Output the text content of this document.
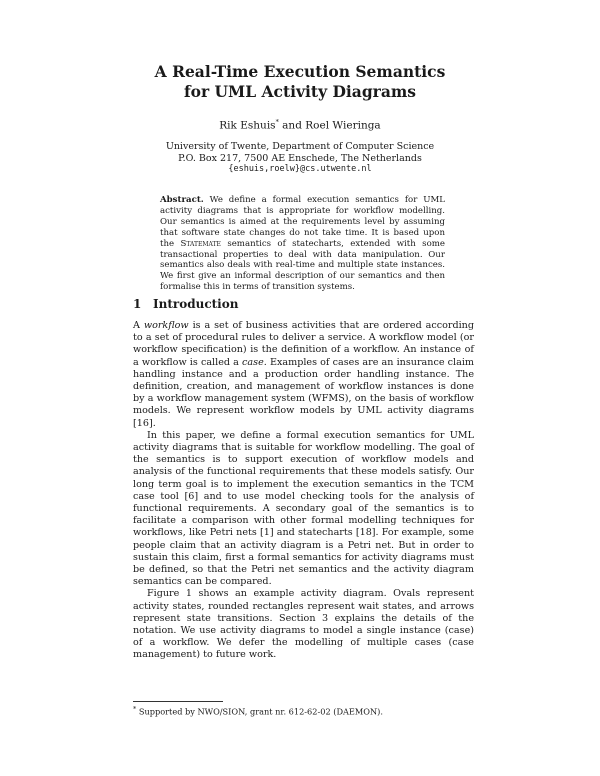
A Real-Time Execution Semantics
for UML Activity Diagrams
Rik Eshuis* and Roel Wieringa
University of Twente, Department of Computer Science
P.O. Box 217, 7500 AE Enschede, The Netherlands
{eshuis,roelw}@cs.utwente.nl
Abstract. We define a formal execution semantics for UML activity diagrams that is appropriate for workflow modelling. Our semantics is aimed at the requirements level by assuming that software state changes do not take time. It is based upon the Statemate semantics of statecharts, extended with some transactional properties to deal with data manipulation. Our semantics also deals with real-time and multiple state instances. We first give an informal description of our semantics and then formalise this in terms of transition systems.
1 Introduction

A workflow is a set of business activities that are ordered according to a set of procedural rules to deliver a service. A workflow model (or workflow specification) is the definition of a workflow. An instance of a workflow is called a case. Examples of cases are an insurance claim handling instance and a production order handling instance. The definition, creation, and management of workflow instances is done by a workflow management system (WFMS), on the basis of workflow models. We represent workflow models by UML activity diagrams [16].

In this paper, we define a formal execution semantics for UML activity diagrams that is suitable for workflow modelling. The goal of the semantics is to support execution of workflow models and analysis of the functional requirements that these models satisfy. Our long term goal is to implement the execution semantics in the TCM case tool [6] and to use model checking tools for the analysis of functional requirements. A secondary goal of the semantics is to facilitate a comparison with other formal modelling techniques for workflows, like Petri nets [1] and statecharts [18]. For example, some people claim that an activity diagram is a Petri net. But in order to sustain this claim, first a formal semantics for activity diagrams must be defined, so that the Petri net semantics and the activity diagram semantics can be compared.

Figure 1 shows an example activity diagram. Ovals represent activity states, rounded rectangles represent wait states, and arrows represent state transitions. Section 3 explains the details of the notation. We use activity diagrams to model a single instance (case) of a workflow. We defer the modelling of multiple cases (case management) to future work.

* Supported by NWO/SION, grant nr. 612-62-02 (DAEMON).
